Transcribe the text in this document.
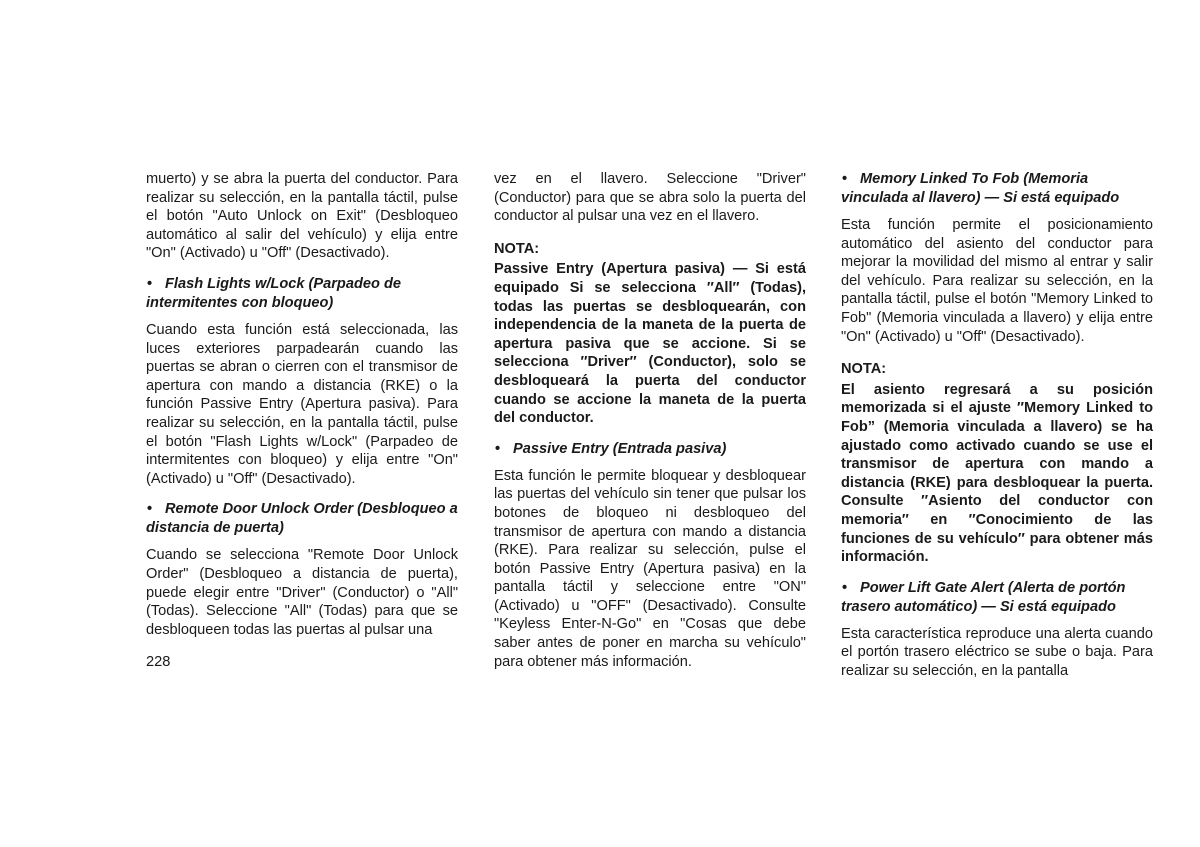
muerto) y se abra la puerta del conductor. Para realizar su selección, en la pantalla táctil, pulse el botón "Auto Unlock on Exit" (Desbloqueo automático al salir del vehículo) y elija entre "On" (Activado) u "Off" (Desactivado).

• Flash Lights w/Lock (Parpadeo de intermitentes con bloqueo)

Cuando esta función está seleccionada, las luces exteriores parpadearán cuando las puertas se abran o cierren con el transmisor de apertura con mando a distancia (RKE) o la función Passive Entry (Apertura pasiva). Para realizar su selección, en la pantalla táctil, pulse el botón "Flash Lights w/Lock" (Parpadeo de intermitentes con bloqueo) y elija entre "On" (Activado) u "Off" (Desactivado).

• Remote Door Unlock Order (Desbloqueo a distancia de puerta)

Cuando se selecciona "Remote Door Unlock Order" (Desbloqueo a distancia de puerta), puede elegir entre "Driver" (Conductor) o "All" (Todas). Seleccione "All" (Todas) para que se desbloqueen todas las puertas al pulsar una

vez en el llavero. Seleccione "Driver" (Conductor) para que se abra solo la puerta del conductor al pulsar una vez en el llavero.

NOTA:

Passive Entry (Apertura pasiva) — Si está equipado Si se selecciona ″All″ (Todas), todas las puertas se desbloquearán, con independencia de la maneta de la puerta de apertura pasiva que se accione. Si se selecciona ″Driver″ (Conductor), solo se desbloqueará la puerta del conductor cuando se accione la maneta de la puerta del conductor.

• Passive Entry (Entrada pasiva)

Esta función le permite bloquear y desbloquear las puertas del vehículo sin tener que pulsar los botones de bloqueo ni desbloqueo del transmisor de apertura con mando a distancia (RKE). Para realizar su selección, pulse el botón Passive Entry (Apertura pasiva) en la pantalla táctil y seleccione entre "ON" (Activado) u "OFF" (Desactivado). Consulte "Keyless Enter-N-Go" en "Cosas que debe saber antes de poner en marcha su vehículo" para obtener más información.

• Memory Linked To Fob (Memoria vinculada al llavero) — Si está equipado

Esta función permite el posicionamiento automático del asiento del conductor para mejorar la movilidad del mismo al entrar y salir del vehículo. Para realizar su selección, en la pantalla táctil, pulse el botón "Memory Linked to Fob" (Memoria vinculada a llavero) y elija entre "On" (Activado) u "Off" (Desactivado).

NOTA:

El asiento regresará a su posición memorizada si el ajuste ″Memory Linked to Fob” (Memoria vinculada a llavero) se ha ajustado como activado cuando se use el transmisor de apertura con mando a distancia (RKE) para desbloquear la puerta. Consulte ″Asiento del conductor con memoria″ en ″Conocimiento de las funciones de su vehículo″ para obtener más información.

• Power Lift Gate Alert (Alerta de portón trasero automático) — Si está equipado

Esta característica reproduce una alerta cuando el portón trasero eléctrico se sube o baja. Para realizar su selección, en la pantalla

228
